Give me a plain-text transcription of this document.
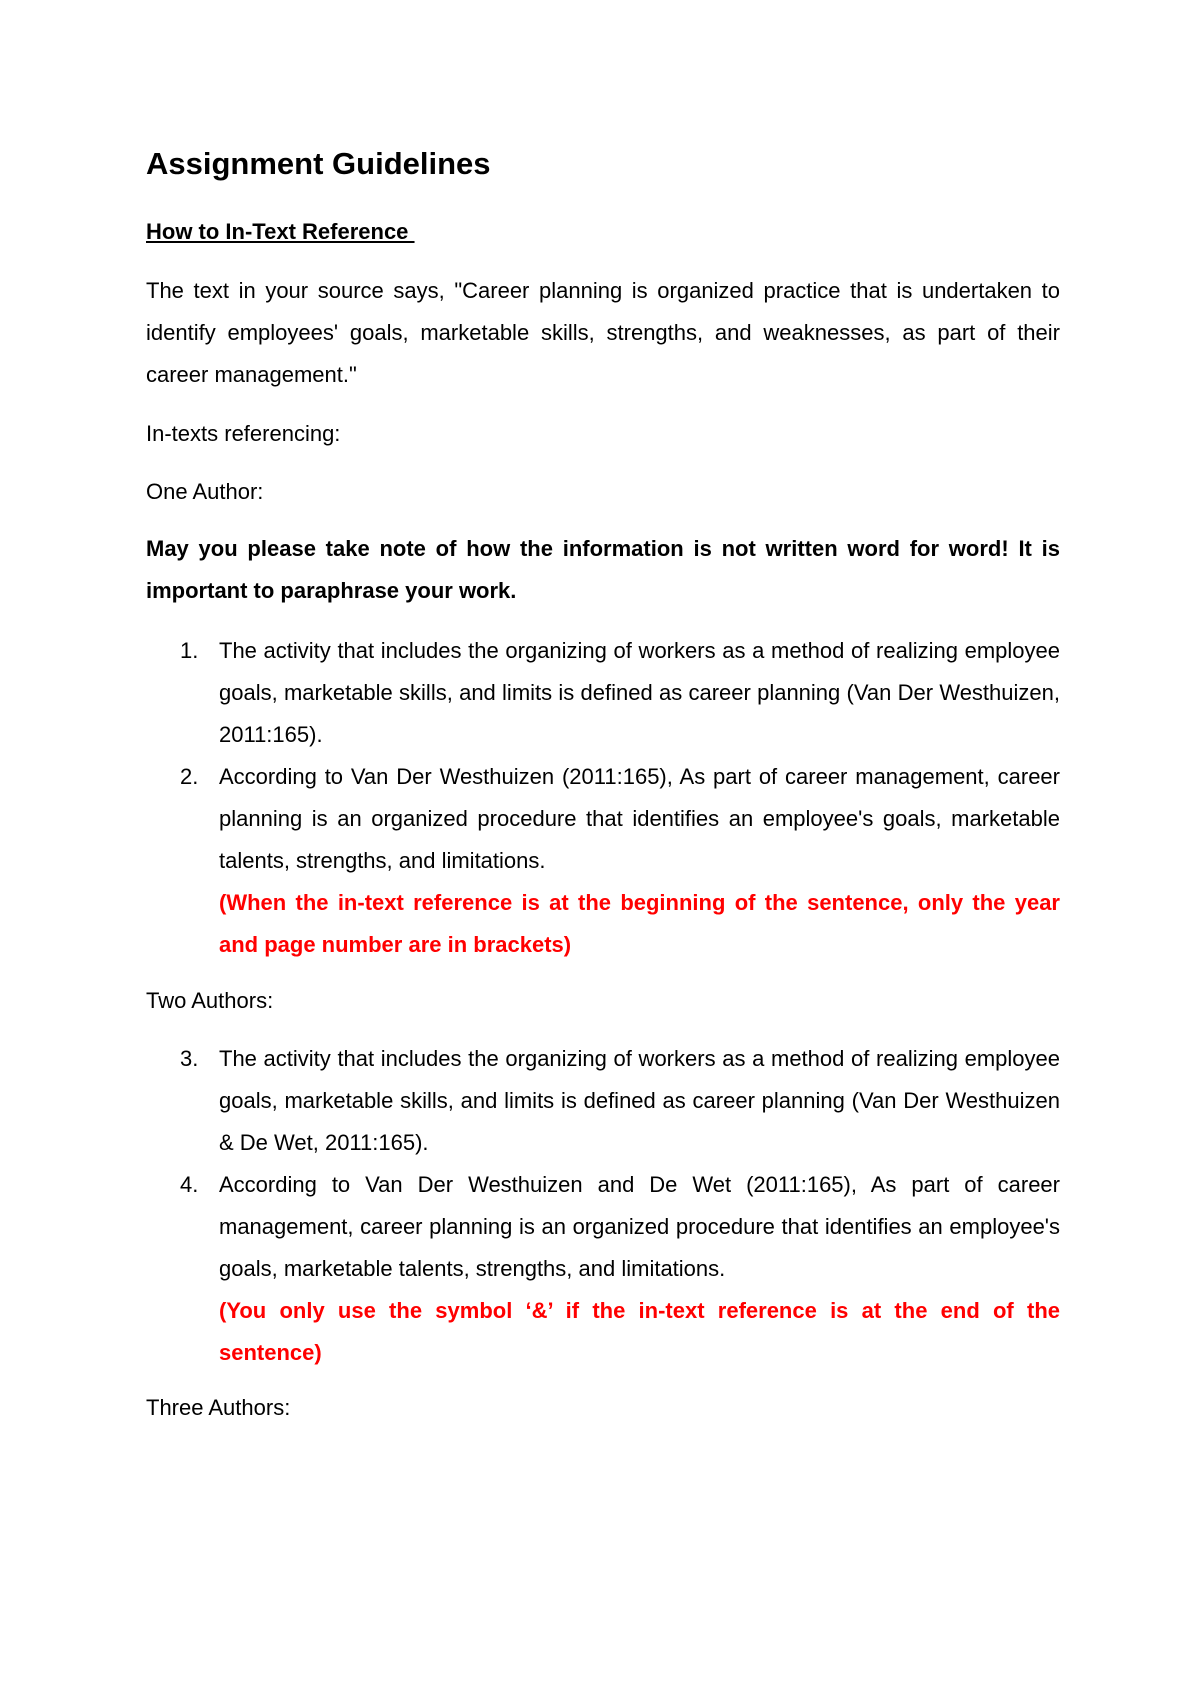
Assignment Guidelines
How to In-Text Reference

The text in your source says, "Career planning is organized practice that is undertaken to identify employees' goals, marketable skills, strengths, and weaknesses, as part of their career management."

In-texts referencing:

One Author:

May you please take note of how the information is not written word for word! It is important to paraphrase your work.

1. The activity that includes the organizing of workers as a method of realizing employee goals, marketable skills, and limits is defined as career planning (Van Der Westhuizen, 2011:165).
2. According to Van Der Westhuizen (2011:165), As part of career management, career planning is an organized procedure that identifies an employee's goals, marketable talents, strengths, and limitations.
(When the in-text reference is at the beginning of the sentence, only the year and page number are in brackets)

Two Authors:

3. The activity that includes the organizing of workers as a method of realizing employee goals, marketable skills, and limits is defined as career planning (Van Der Westhuizen & De Wet, 2011:165).
4. According to Van Der Westhuizen and De Wet (2011:165), As part of career management, career planning is an organized procedure that identifies an employee's goals, marketable talents, strengths, and limitations.
(You only use the symbol ‘&’ if the in-text reference is at the end of the sentence)

Three Authors:
